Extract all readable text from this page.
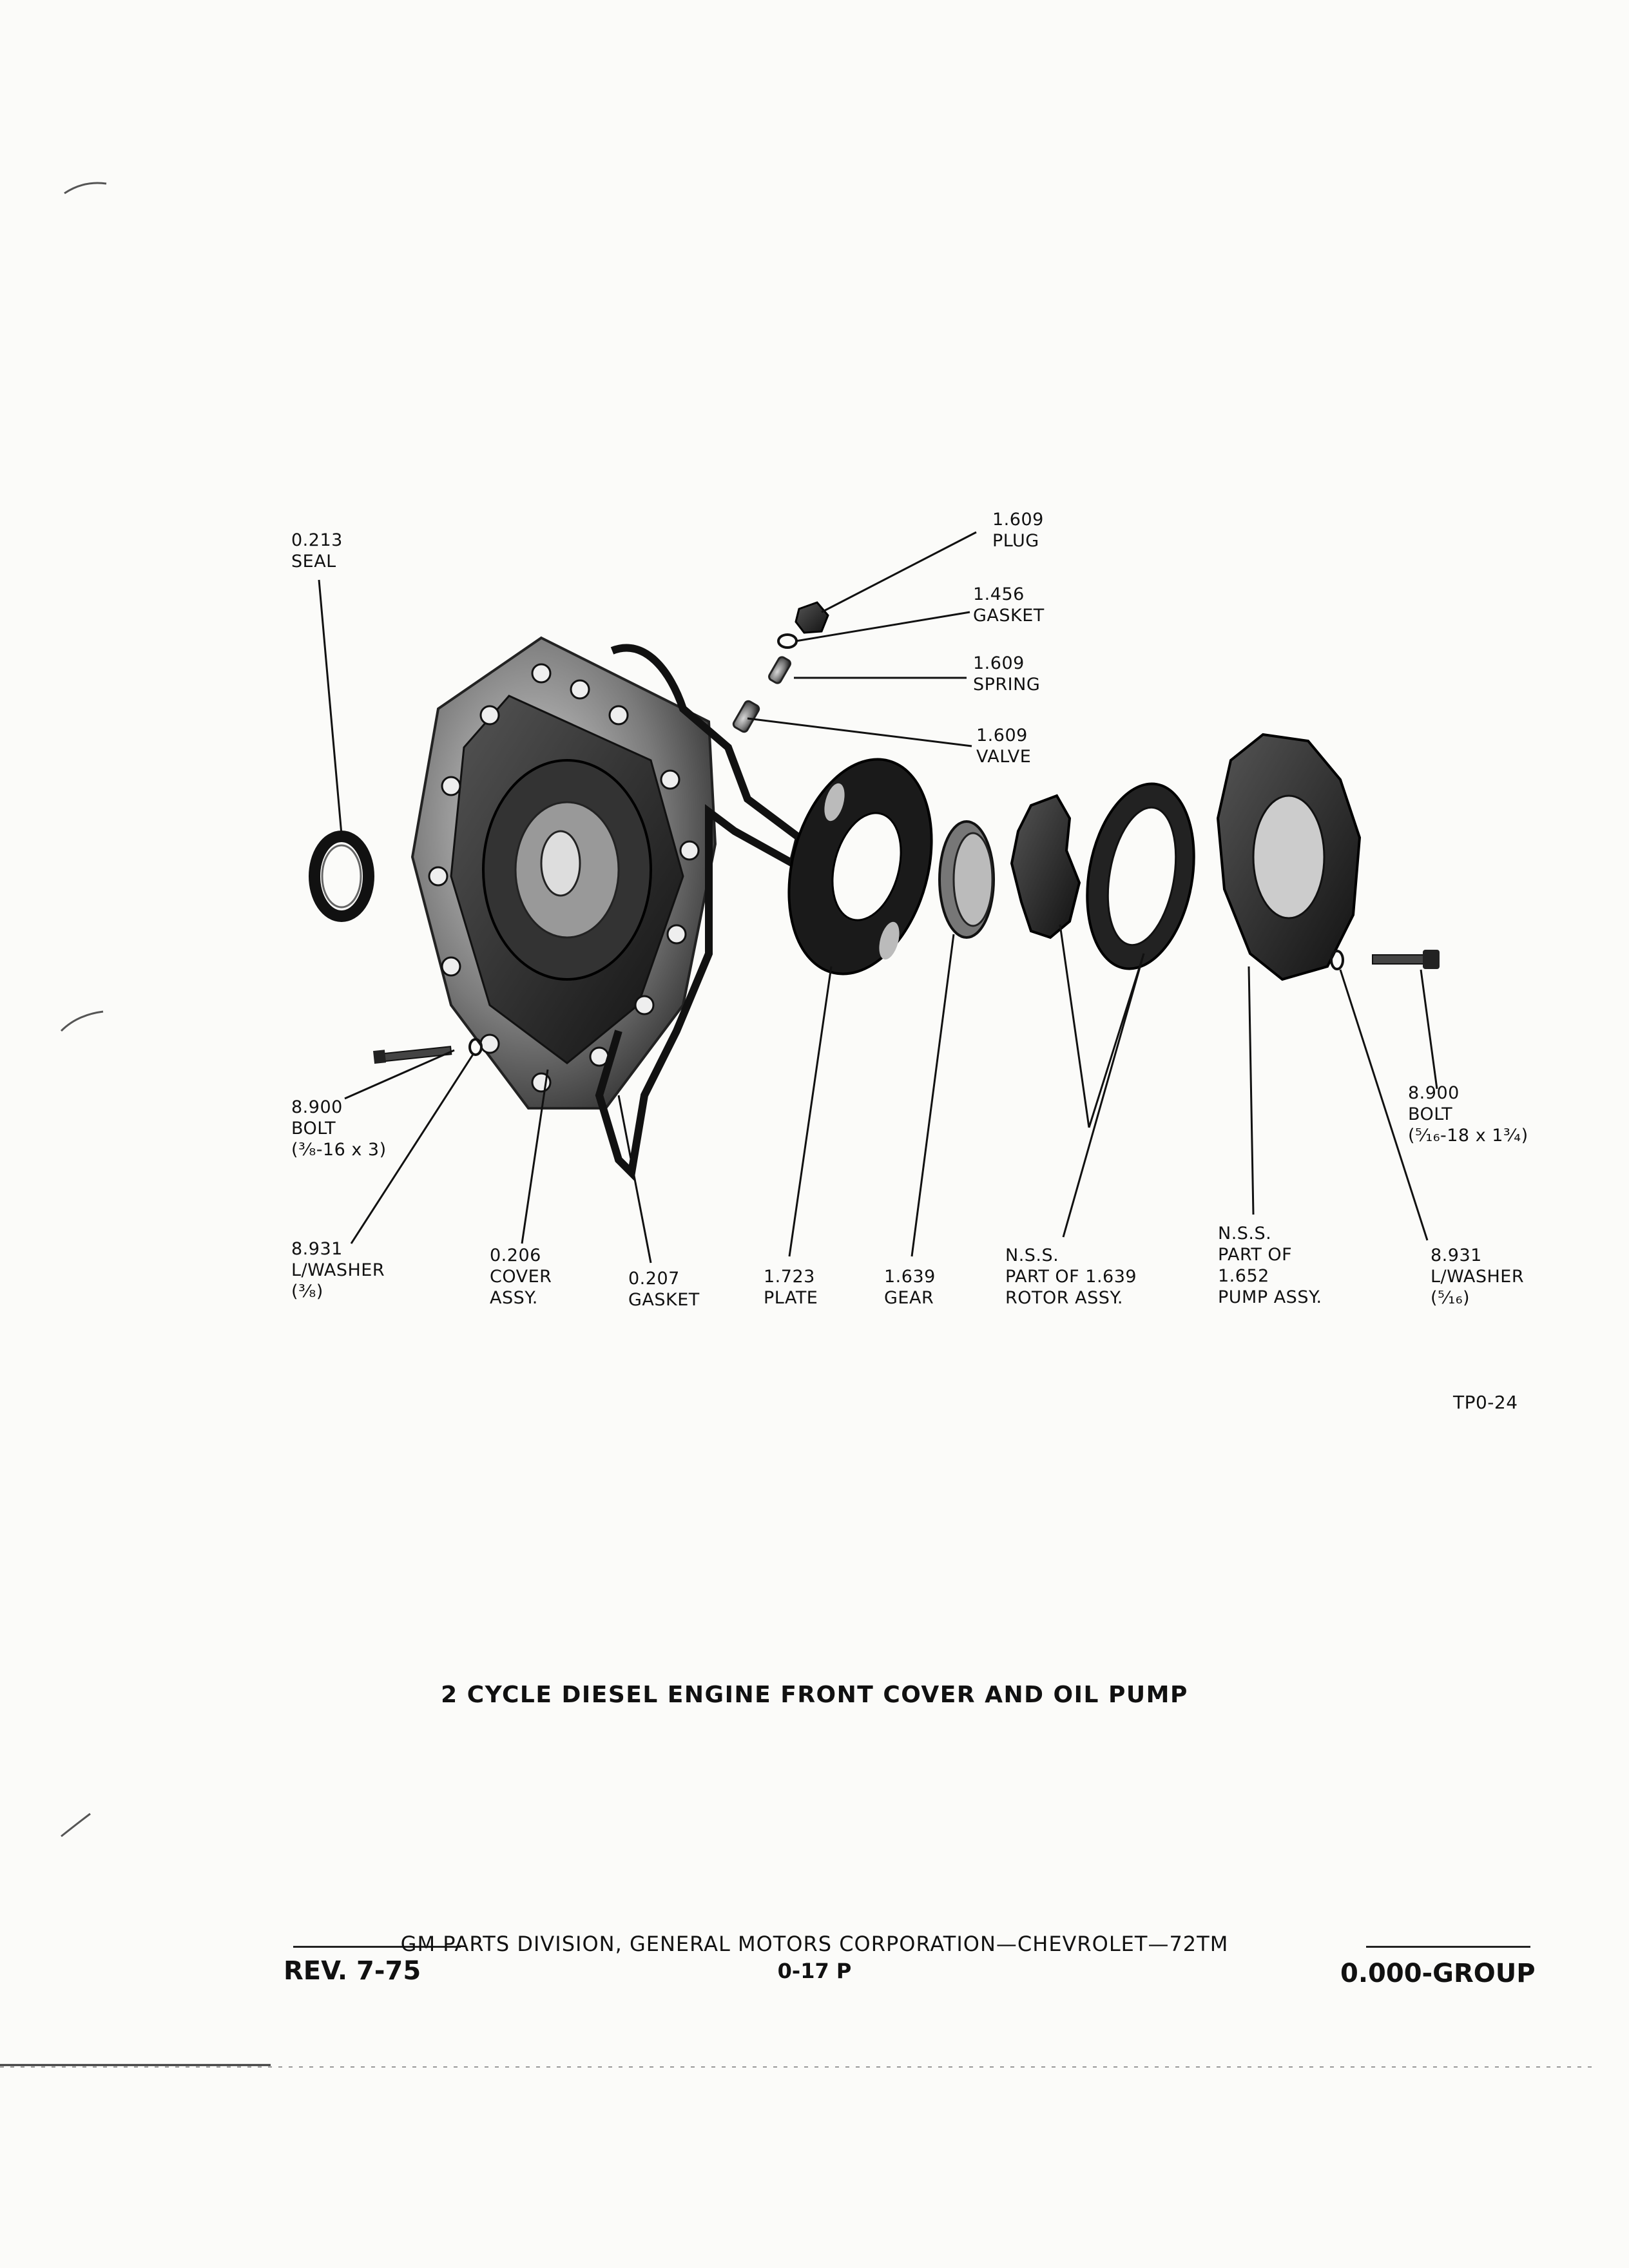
0.213
SEAL
1.609
PLUG
1.456
GASKET
1.609
SPRING
1.609
VALVE
8.900
BOLT
(³⁄₈-16 x 3)
8.900
BOLT
(⁵⁄₁₆-18 x 1³⁄₄)
8.931
L/WASHER
(³⁄₈)
0.206
COVER
ASSY.
0.207
GASKET
1.723
PLATE
1.639
GEAR
N.S.S.
PART OF 1.639
ROTOR ASSY.
N.S.S.
PART OF
1.652
PUMP ASSY.
8.931
L/WASHER
(⁵⁄₁₆)
TP0-24
2 CYCLE DIESEL ENGINE FRONT COVER AND OIL PUMP
GM PARTS DIVISION, GENERAL MOTORS CORPORATION—CHEVROLET—72TM
REV. 7-75	0-17 P	0.000-GROUP
